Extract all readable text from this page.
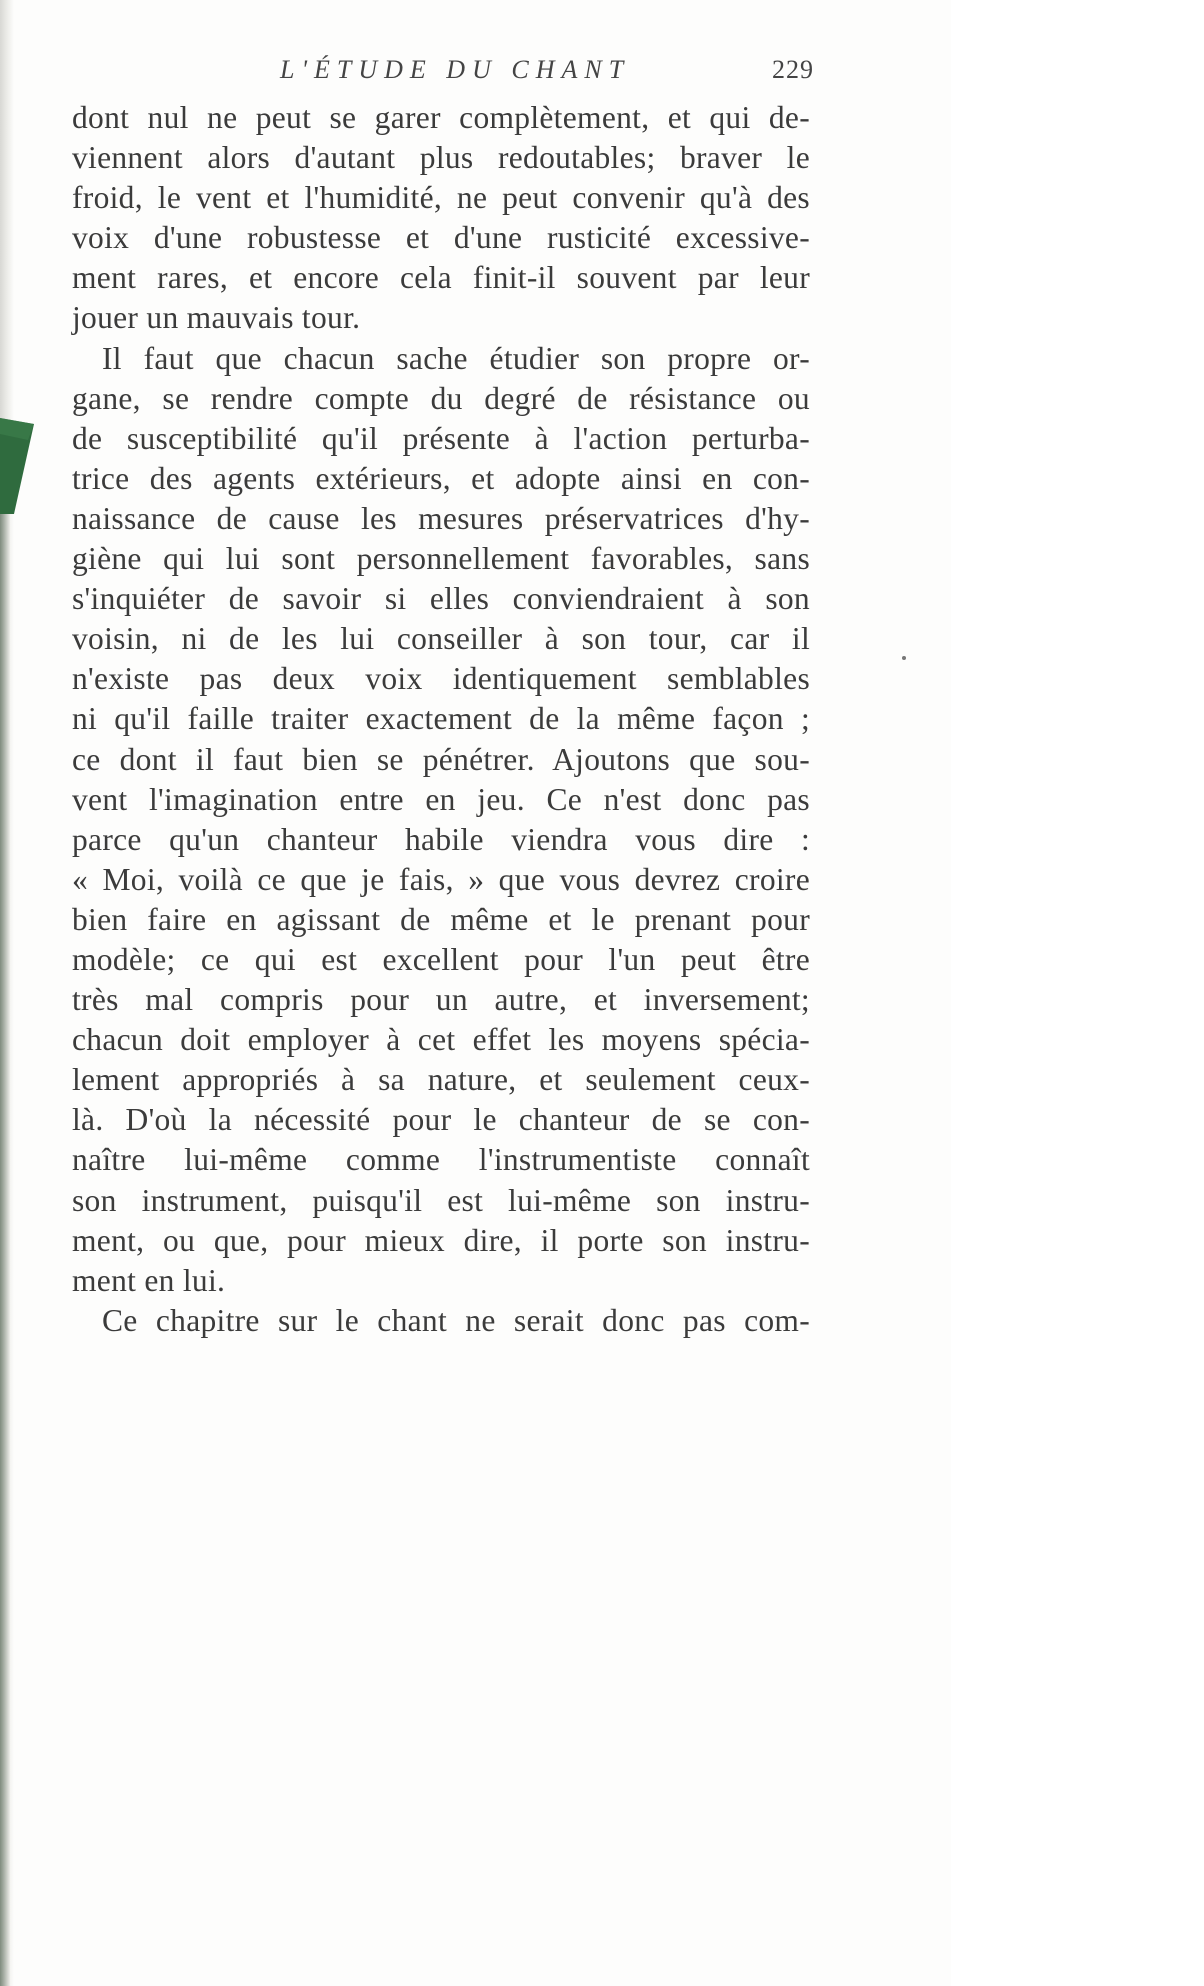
L'ÉTUDE DU CHANT	229
dont nul ne peut se garer complètement, et qui de-
viennent alors d'autant plus redoutables; braver le
froid, le vent et l'humidité, ne peut convenir qu'à des
voix d'une robustesse et d'une rusticité excessive-
ment rares, et encore cela finit-il souvent par leur
jouer un mauvais tour.
Il faut que chacun sache étudier son propre or-
gane, se rendre compte du degré de résistance ou
de susceptibilité qu'il présente à l'action perturba-
trice des agents extérieurs, et adopte ainsi en con-
naissance de cause les mesures préservatrices d'hy-
giène qui lui sont personnellement favorables, sans
s'inquiéter de savoir si elles conviendraient à son
voisin, ni de les lui conseiller à son tour, car il
n'existe pas deux voix identiquement semblables
ni qu'il faille traiter exactement de la même façon ;
ce dont il faut bien se pénétrer. Ajoutons que sou-
vent l'imagination entre en jeu. Ce n'est donc pas
parce qu'un chanteur habile viendra vous dire :
« Moi, voilà ce que je fais, » que vous devrez croire
bien faire en agissant de même et le prenant pour
modèle; ce qui est excellent pour l'un peut être
très mal compris pour un autre, et inversement;
chacun doit employer à cet effet les moyens spécia-
lement appropriés à sa nature, et seulement ceux-
là. D'où la nécessité pour le chanteur de se con-
naître lui-même comme l'instrumentiste connaît
son instrument, puisqu'il est lui-même son instru-
ment, ou que, pour mieux dire, il porte son instru-
ment en lui.
Ce chapitre sur le chant ne serait donc pas com-
